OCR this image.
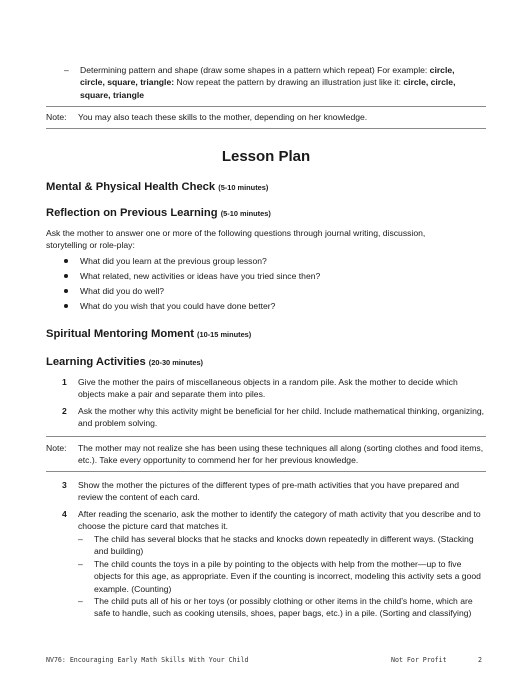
– Determining pattern and shape (draw some shapes in a pattern which repeat) For example: circle, circle, square, triangle: Now repeat the pattern by drawing an illustration just like it: circle, circle, square, triangle
Note: You may also teach these skills to the mother, depending on her knowledge.
Lesson Plan
Mental & Physical Health Check (5-10 minutes)
Reflection on Previous Learning (5-10 minutes)
Ask the mother to answer one or more of the following questions through journal writing, discussion, storytelling or role-play:
What did you learn at the previous group lesson?
What related, new activities or ideas have you tried since then?
What did you do well?
What do you wish that you could have done better?
Spiritual Mentoring Moment (10-15 minutes)
Learning Activities (20-30 minutes)
1 Give the mother the pairs of miscellaneous objects in a random pile. Ask the mother to decide which objects make a pair and separate them into piles.
2 Ask the mother why this activity might be beneficial for her child. Include mathematical thinking, organizing, and problem solving.
Note: The mother may not realize she has been using these techniques all along (sorting clothes and food items, etc.). Take every opportunity to commend her for her previous knowledge.
3 Show the mother the pictures of the different types of pre-math activities that you have prepared and review the content of each card.
4 After reading the scenario, ask the mother to identify the category of math activity that you describe and to choose the picture card that matches it.
– The child has several blocks that he stacks and knocks down repeatedly in different ways. (Stacking and building)
– The child counts the toys in a pile by pointing to the objects with help from the mother—up to five objects for this age, as appropriate. Even if the counting is incorrect, modeling this activity sets a good example. (Counting)
– The child puts all of his or her toys (or possibly clothing or other items in the child’s home, which are safe to handle, such as cooking utensils, shoes, paper bags, etc.) in a pile. (Sorting and classifying)
NV76: Encouraging Early Math Skills With Your Child	Not For Profit	2
